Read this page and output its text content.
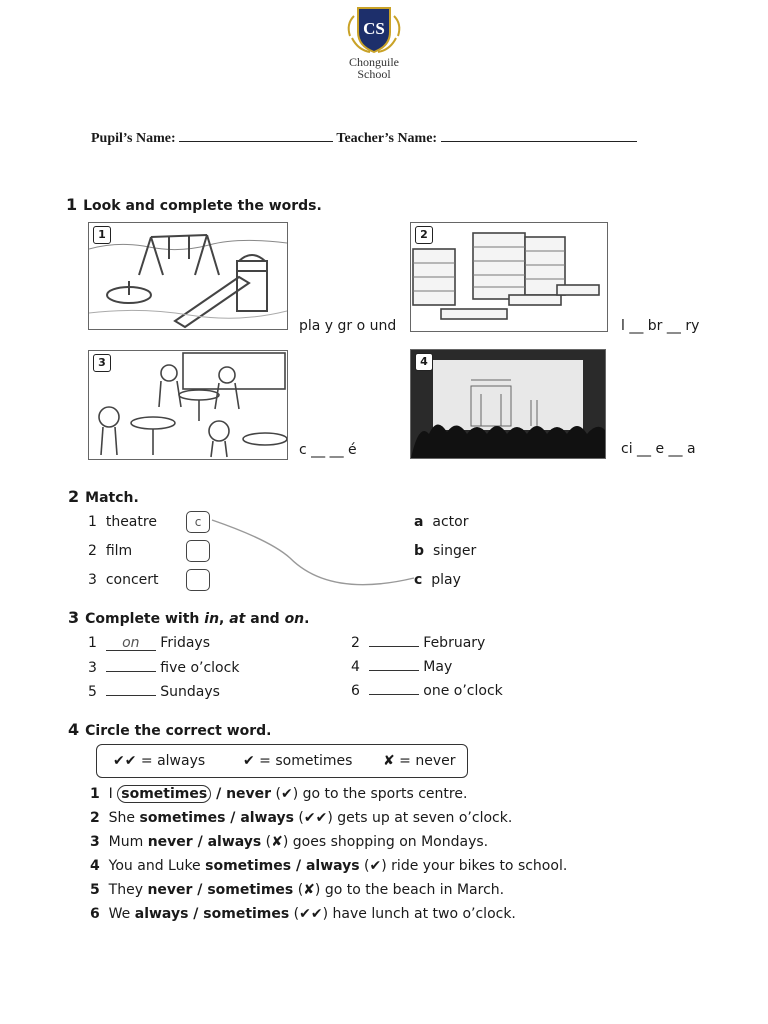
CS
Chonguile
School
Pupil’s Name:	Teacher’s Name:
1 Look and complete the words.
1
pla y gr o und
2
l __ br __ ry
3
c __ __ é
4
ci __ e __ a
2 Match.
1 theatre	c
2 film
3 concert
a actor
b singer
c play
3 Complete with in, at and on.
1 on Fridays	2	February
3	five o’clock	4	May
5	Sundays	6	one o’clock
4 Circle the correct word.
✔✔ = always	✔ = sometimes ✘ = never
1 I sometimes / never (✔) go to the sports centre.
2 She sometimes / always (✔✔) gets up at seven o’clock.
3 Mum never / always (✘) goes shopping on Mondays.
4 You and Luke sometimes / always (✔) ride your bikes to school.
5 They never / sometimes (✘) go to the beach in March.
6 We always / sometimes (✔✔) have lunch at two o’clock.
